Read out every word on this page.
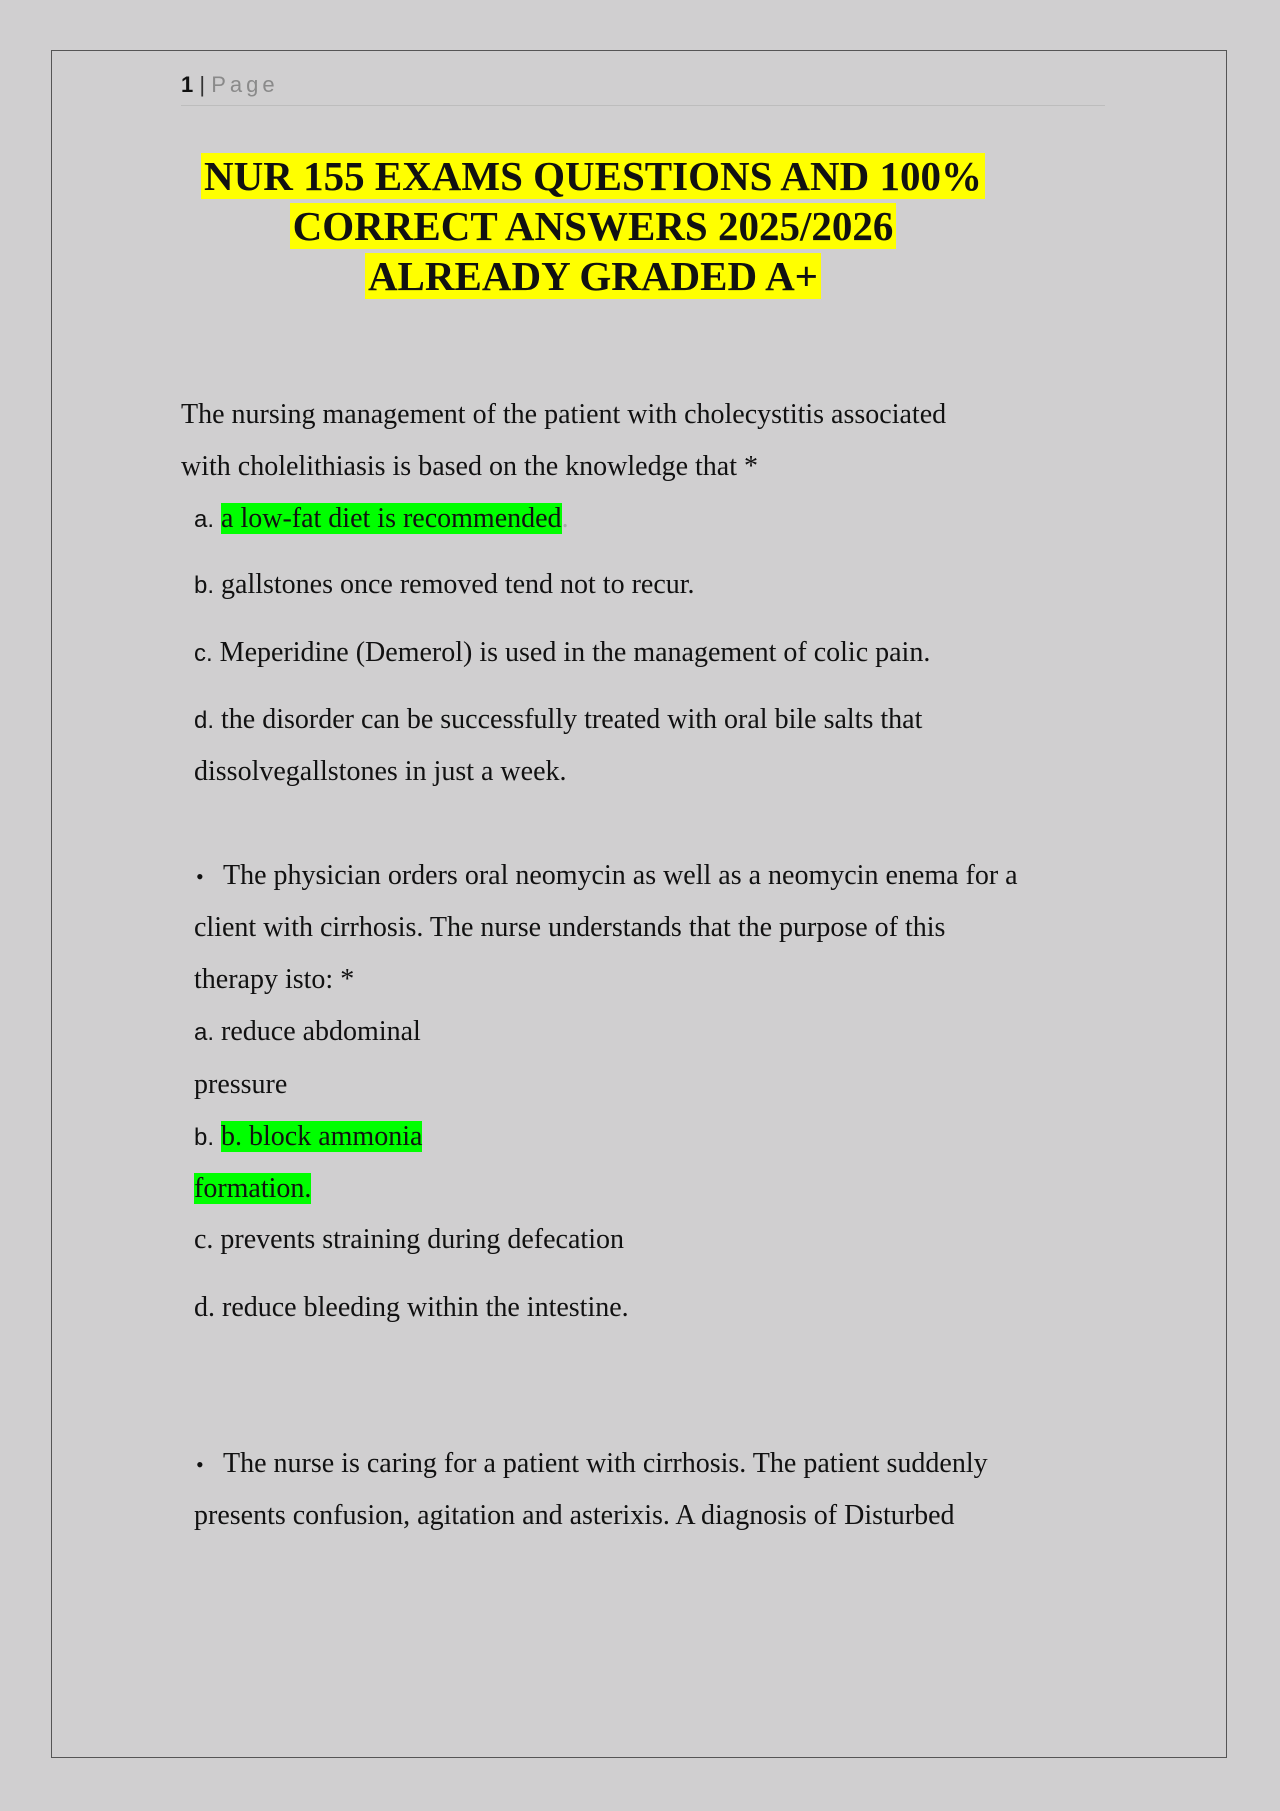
1 | Page
NUR 155 EXAMS QUESTIONS AND 100%
CORRECT ANSWERS 2025/2026
ALREADY GRADED A+
The nursing management of the patient with cholecystitis associated
with cholelithiasis is based on the knowledge that *
a. a low-fat diet is recommended.
b. gallstones once removed tend not to recur.
c. Meperidine (Demerol) is used in the management of colic pain.
d. the disorder can be successfully treated with oral bile salts that
dissolvegallstones in just a week.
• The physician orders oral neomycin as well as a neomycin enema for a
client with cirrhosis. The nurse understands that the purpose of this
therapy isto: *
a. reduce abdominal
pressure
b. b. block ammonia
formation.
c. prevents straining during defecation
d. reduce bleeding within the intestine.
• The nurse is caring for a patient with cirrhosis. The patient suddenly
presents confusion, agitation and asterixis. A diagnosis of Disturbed
